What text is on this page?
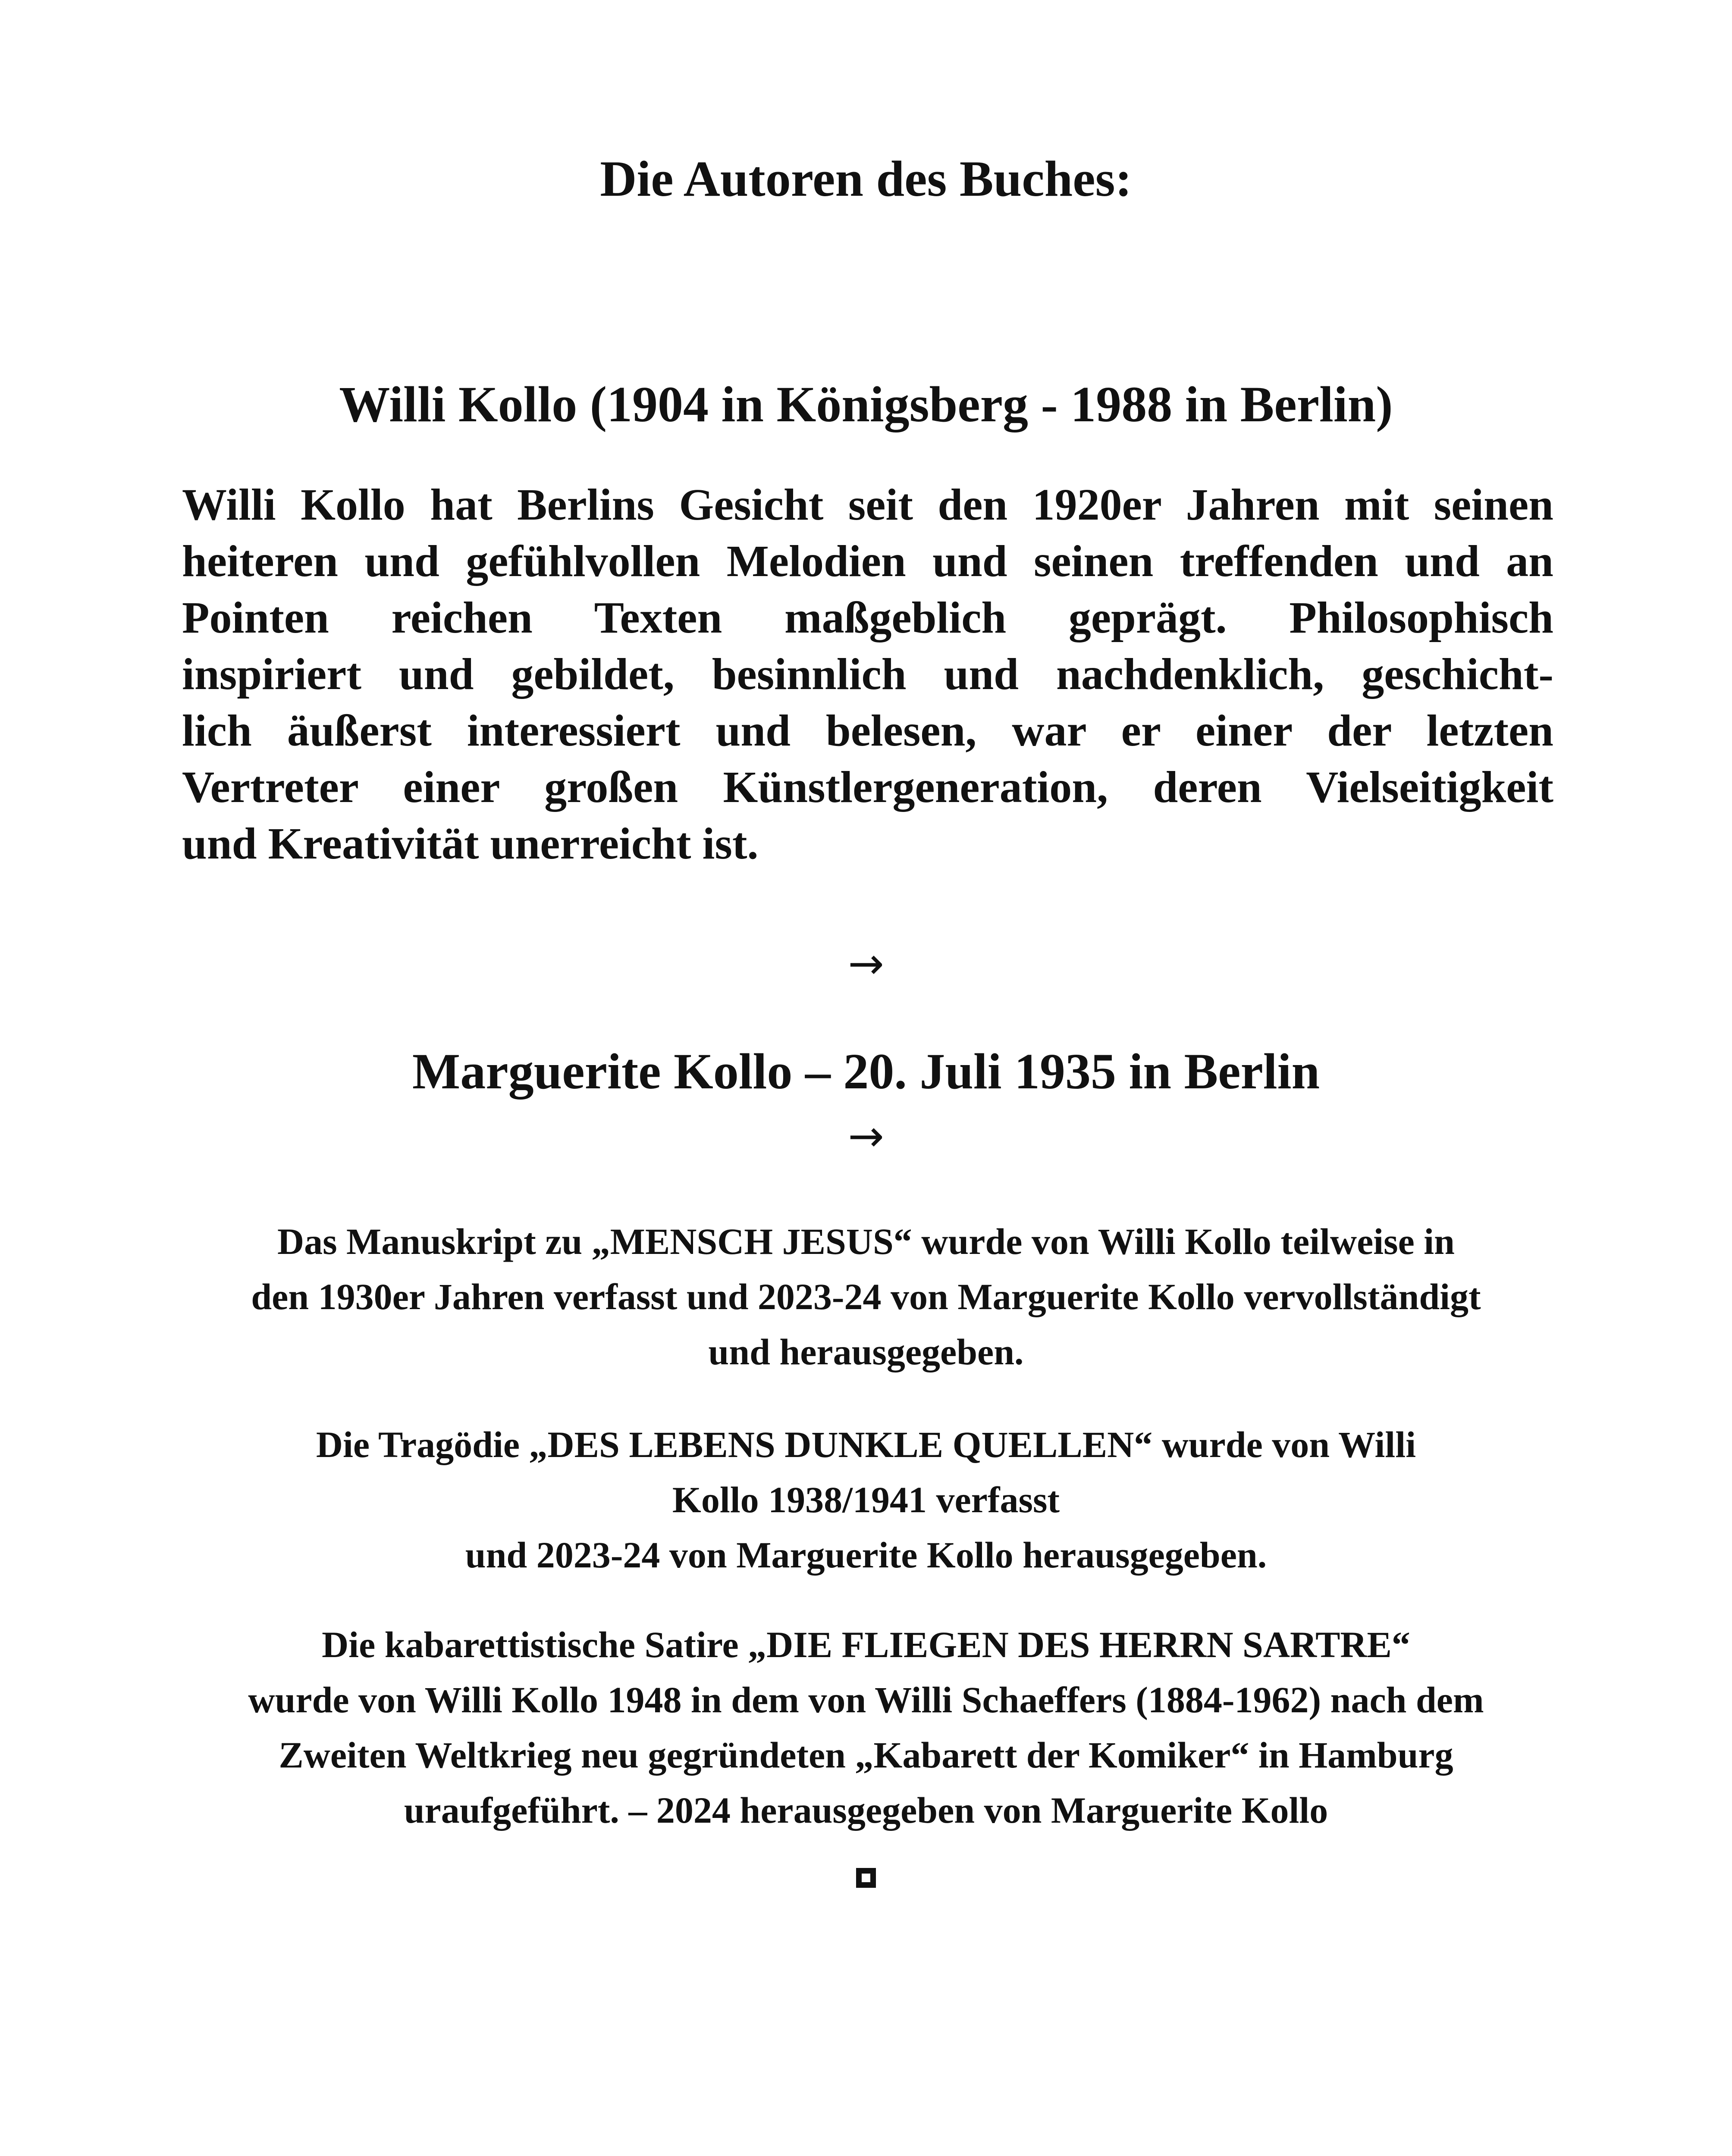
Die Autoren des Buches:
Willi Kollo (1904 in Königsberg - 1988 in Berlin)
Willi Kollo hat Berlins Gesicht seit den 1920er Jahren mit seinen
heiteren und gefühlvollen Melodien und seinen treffenden und an
Pointen reichen Texten maßgeblich geprägt. Philosophisch
inspiriert und gebildet, besinnlich und nachdenklich, geschicht-
lich äußerst interessiert und belesen, war er einer der letzten
Vertreter einer großen Künstlergeneration, deren Vielseitigkeit
und Kreativität unerreicht ist.
→
Marguerite Kollo – 20. Juli 1935 in Berlin
→
Das Manuskript zu „MENSCH JESUS“ wurde von Willi Kollo teilweise in
den 1930er Jahren verfasst und 2023-24 von Marguerite Kollo vervollständigt
und herausgegeben.
Die Tragödie „DES LEBENS DUNKLE QUELLEN“ wurde von Willi
Kollo 1938/1941 verfasst
und 2023-24 von Marguerite Kollo herausgegeben.
Die kabarettistische Satire „DIE FLIEGEN DES HERRN SARTRE“
wurde von Willi Kollo 1948 in dem von Willi Schaeffers (1884-1962) nach dem
Zweiten Weltkrieg neu gegründeten „Kabarett der Komiker“ in Hamburg
uraufgeführt. – 2024 herausgegeben von Marguerite Kollo
